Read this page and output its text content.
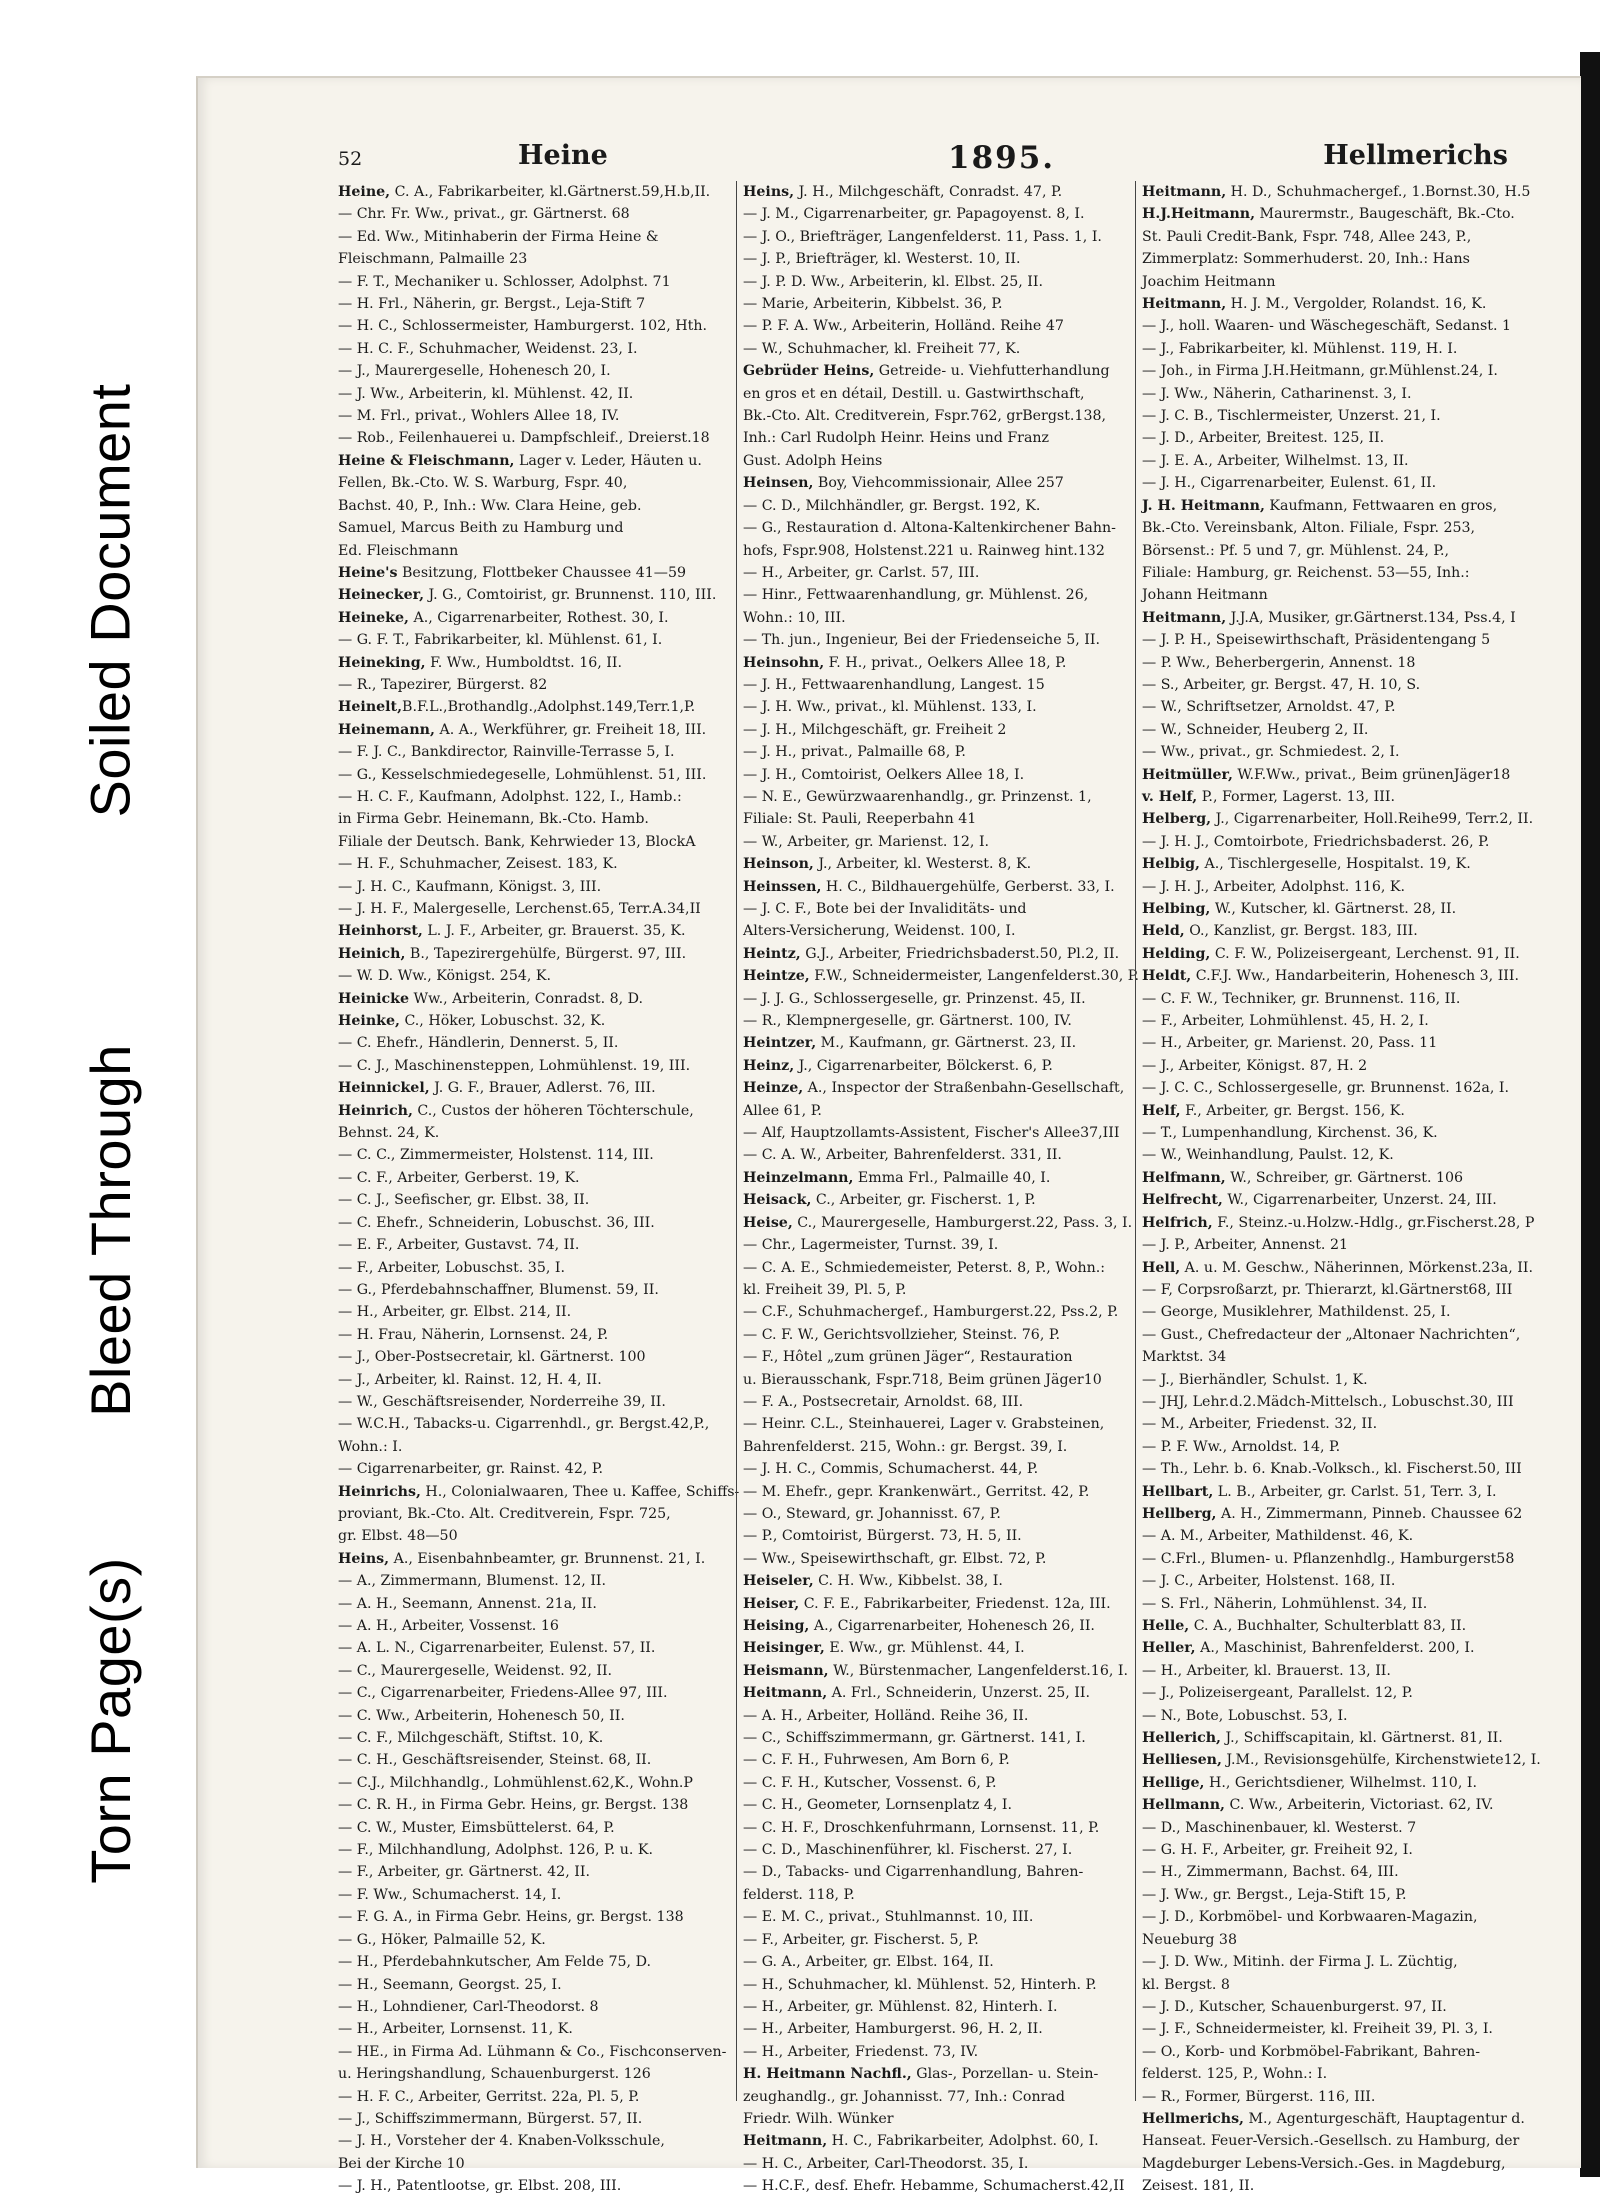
Soiled Document
Bleed Through
Torn Page(s)
52	Heine	1895.	Hellmerichs
Heine, C. A., Fabrikarbeiter, kl.Gärtnerst.59,H.b,II.
— Chr. Fr. Ww., privat., gr. Gärtnerst. 68
— Ed. Ww., Mitinhaberin der Firma Heine &
Fleischmann, Palmaille 23
— F. T., Mechaniker u. Schlosser, Adolphst. 71
— H. Frl., Näherin, gr. Bergst., Leja-Stift 7
— H. C., Schlossermeister, Hamburgerst. 102, Hth.
— H. C. F., Schuhmacher, Weidenst. 23, I.
— J., Maurergeselle, Hohenesch 20, I.
— J. Ww., Arbeiterin, kl. Mühlenst. 42, II.
— M. Frl., privat., Wohlers Allee 18, IV.
— Rob., Feilenhauerei u. Dampfschleif., Dreierst.18
Heine & Fleischmann, Lager v. Leder, Häuten u.
Fellen, Bk.-Cto. W. S. Warburg, Fspr. 40,
Bachst. 40, P., Inh.: Ww. Clara Heine, geb.
Samuel, Marcus Beith zu Hamburg und
Ed. Fleischmann
Heine's Besitzung, Flottbeker Chaussee 41—59
Heinecker, J. G., Comtoirist, gr. Brunnenst. 110, III.
Heineke, A., Cigarrenarbeiter, Rothest. 30, I.
— G. F. T., Fabrikarbeiter, kl. Mühlenst. 61, I.
Heineking, F. Ww., Humboldtst. 16, II.
— R., Tapezirer, Bürgerst. 82
Heinelt,B.F.L.,Brothandlg.,Adolphst.149,Terr.1,P.
Heinemann, A. A., Werkführer, gr. Freiheit 18, III.
— F. J. C., Bankdirector, Rainville-Terrasse 5, I.
— G., Kesselschmiedegeselle, Lohmühlenst. 51, III.
— H. C. F., Kaufmann, Adolphst. 122, I., Hamb.:
in Firma Gebr. Heinemann, Bk.-Cto. Hamb.
Filiale der Deutsch. Bank, Kehrwieder 13, BlockA
— H. F., Schuhmacher, Zeisest. 183, K.
— J. H. C., Kaufmann, Königst. 3, III.
— J. H. F., Malergeselle, Lerchenst.65, Terr.A.34,II
Heinhorst, L. J. F., Arbeiter, gr. Brauerst. 35, K.
Heinich, B., Tapezirergehülfe, Bürgerst. 97, III.
— W. D. Ww., Königst. 254, K.
Heinicke Ww., Arbeiterin, Conradst. 8, D.
Heinke, C., Höker, Lobuschst. 32, K.
— C. Ehefr., Händlerin, Dennerst. 5, II.
— C. J., Maschinensteppen, Lohmühlenst. 19, III.
Heinnickel, J. G. F., Brauer, Adlerst. 76, III.
Heinrich, C., Custos der höheren Töchterschule,
Behnst. 24, K.
— C. C., Zimmermeister, Holstenst. 114, III.
— C. F., Arbeiter, Gerberst. 19, K.
— C. J., Seefischer, gr. Elbst. 38, II.
— C. Ehefr., Schneiderin, Lobuschst. 36, III.
— E. F., Arbeiter, Gustavst. 74, II.
— F., Arbeiter, Lobuschst. 35, I.
— G., Pferdebahnschaffner, Blumenst. 59, II.
— H., Arbeiter, gr. Elbst. 214, II.
— H. Frau, Näherin, Lornsenst. 24, P.
— J., Ober-Postsecretair, kl. Gärtnerst. 100
— J., Arbeiter, kl. Rainst. 12, H. 4, II.
— W., Geschäftsreisender, Norderreihe 39, II.
— W.C.H., Tabacks-u. Cigarrenhdl., gr. Bergst.42,P.,
Wohn.: I.
— Cigarrenarbeiter, gr. Rainst. 42, P.
Heinrichs, H., Colonialwaaren, Thee u. Kaffee, Schiffs-
proviant, Bk.-Cto. Alt. Creditverein, Fspr. 725,
gr. Elbst. 48—50
Heins, A., Eisenbahnbeamter, gr. Brunnenst. 21, I.
— A., Zimmermann, Blumenst. 12, II.
— A. H., Seemann, Annenst. 21a, II.
— A. H., Arbeiter, Vossenst. 16
— A. L. N., Cigarrenarbeiter, Eulenst. 57, II.
— C., Maurergeselle, Weidenst. 92, II.
— C., Cigarrenarbeiter, Friedens-Allee 97, III.
— C. Ww., Arbeiterin, Hohenesch 50, II.
— C. F., Milchgeschäft, Stiftst. 10, K.
— C. H., Geschäftsreisender, Steinst. 68, II.
— C.J., Milchhandlg., Lohmühlenst.62,K., Wohn.P
— C. R. H., in Firma Gebr. Heins, gr. Bergst. 138
— C. W., Muster, Eimsbüttelerst. 64, P.
— F., Milchhandlung, Adolphst. 126, P. u. K.
— F., Arbeiter, gr. Gärtnerst. 42, II.
— F. Ww., Schumacherst. 14, I.
— F. G. A., in Firma Gebr. Heins, gr. Bergst. 138
— G., Höker, Palmaille 52, K.
— H., Pferdebahnkutscher, Am Felde 75, D.
— H., Seemann, Georgst. 25, I.
— H., Lohndiener, Carl-Theodorst. 8
— H., Arbeiter, Lornsenst. 11, K.
— HE., in Firma Ad. Lühmann & Co., Fischconserven-
u. Heringshandlung, Schauenburgerst. 126
— H. F. C., Arbeiter, Gerritst. 22a, Pl. 5, P.
— J., Schiffszimmermann, Bürgerst. 57, II.
— J. H., Vorsteher der 4. Knaben-Volksschule,
Bei der Kirche 10
— J. H., Patentlootse, gr. Elbst. 208, III.
Heins, J. H., Milchgeschäft, Conradst. 47, P.
— J. M., Cigarrenarbeiter, gr. Papagoyenst. 8, I.
— J. O., Briefträger, Langenfelderst. 11, Pass. 1, I.
— J. P., Briefträger, kl. Westerst. 10, II.
— J. P. D. Ww., Arbeiterin, kl. Elbst. 25, II.
— Marie, Arbeiterin, Kibbelst. 36, P.
— P. F. A. Ww., Arbeiterin, Holländ. Reihe 47
— W., Schuhmacher, kl. Freiheit 77, K.
Gebrüder Heins, Getreide- u. Viehfutterhandlung
en gros et en détail, Destill. u. Gastwirthschaft,
Bk.-Cto. Alt. Creditverein, Fspr.762, grBergst.138,
Inh.: Carl Rudolph Heinr. Heins und Franz
Gust. Adolph Heins
Heinsen, Boy, Viehcommissionair, Allee 257
— C. D., Milchhändler, gr. Bergst. 192, K.
— G., Restauration d. Altona-Kaltenkirchener Bahn-
hofs, Fspr.908, Holstenst.221 u. Rainweg hint.132
— H., Arbeiter, gr. Carlst. 57, III.
— Hinr., Fettwaarenhandlung, gr. Mühlenst. 26,
Wohn.: 10, III.
— Th. jun., Ingenieur, Bei der Friedenseiche 5, II.
Heinsohn, F. H., privat., Oelkers Allee 18, P.
— J. H., Fettwaarenhandlung, Langest. 15
— J. H. Ww., privat., kl. Mühlenst. 133, I.
— J. H., Milchgeschäft, gr. Freiheit 2
— J. H., privat., Palmaille 68, P.
— J. H., Comtoirist, Oelkers Allee 18, I.
— N. E., Gewürzwaarenhandlg., gr. Prinzenst. 1,
Filiale: St. Pauli, Reeperbahn 41
— W., Arbeiter, gr. Marienst. 12, I.
Heinson, J., Arbeiter, kl. Westerst. 8, K.
Heinssen, H. C., Bildhauergehülfe, Gerberst. 33, I.
— J. C. F., Bote bei der Invaliditäts- und
Alters-Versicherung, Weidenst. 100, I.
Heintz, G.J., Arbeiter, Friedrichsbaderst.50, Pl.2, II.
Heintze, F.W., Schneidermeister, Langenfelderst.30, P.
— J. J. G., Schlossergeselle, gr. Prinzenst. 45, II.
— R., Klempnergeselle, gr. Gärtnerst. 100, IV.
Heintzer, M., Kaufmann, gr. Gärtnerst. 23, II.
Heinz, J., Cigarrenarbeiter, Bölckerst. 6, P.
Heinze, A., Inspector der Straßenbahn-Gesellschaft,
Allee 61, P.
— Alf, Hauptzollamts-Assistent, Fischer's Allee37,III
— C. A. W., Arbeiter, Bahrenfelderst. 331, II.
Heinzelmann, Emma Frl., Palmaille 40, I.
Heisack, C., Arbeiter, gr. Fischerst. 1, P.
Heise, C., Maurergeselle, Hamburgerst.22, Pass. 3, I.
— Chr., Lagermeister, Turnst. 39, I.
— C. A. E., Schmiedemeister, Peterst. 8, P., Wohn.:
kl. Freiheit 39, Pl. 5, P.
— C.F., Schuhmachergef., Hamburgerst.22, Pss.2, P.
— C. F. W., Gerichtsvollzieher, Steinst. 76, P.
— F., Hôtel „zum grünen Jäger“, Restauration
u. Bierausschank, Fspr.718, Beim grünen Jäger10
— F. A., Postsecretair, Arnoldst. 68, III.
— Heinr. C.L., Steinhauerei, Lager v. Grabsteinen,
Bahrenfelderst. 215, Wohn.: gr. Bergst. 39, I.
— J. H. C., Commis, Schumacherst. 44, P.
— M. Ehefr., gepr. Krankenwärt., Gerritst. 42, P.
— O., Steward, gr. Johannisst. 67, P.
— P., Comtoirist, Bürgerst. 73, H. 5, II.
— Ww., Speisewirthschaft, gr. Elbst. 72, P.
Heiseler, C. H. Ww., Kibbelst. 38, I.
Heiser, C. F. E., Fabrikarbeiter, Friedenst. 12a, III.
Heising, A., Cigarrenarbeiter, Hohenesch 26, II.
Heisinger, E. Ww., gr. Mühlenst. 44, I.
Heismann, W., Bürstenmacher, Langenfelderst.16, I.
Heitmann, A. Frl., Schneiderin, Unzerst. 25, II.
— A. H., Arbeiter, Holländ. Reihe 36, II.
— C., Schiffszimmermann, gr. Gärtnerst. 141, I.
— C. F. H., Fuhrwesen, Am Born 6, P.
— C. F. H., Kutscher, Vossenst. 6, P.
— C. H., Geometer, Lornsenplatz 4, I.
— C. H. F., Droschkenfuhrmann, Lornsenst. 11, P.
— C. D., Maschinenführer, kl. Fischerst. 27, I.
— D., Tabacks- und Cigarrenhandlung, Bahren-
felderst. 118, P.
— E. M. C., privat., Stuhlmannst. 10, III.
— F., Arbeiter, gr. Fischerst. 5, P.
— G. A., Arbeiter, gr. Elbst. 164, II.
— H., Schuhmacher, kl. Mühlenst. 52, Hinterh. P.
— H., Arbeiter, gr. Mühlenst. 82, Hinterh. I.
— H., Arbeiter, Hamburgerst. 96, H. 2, II.
— H., Arbeiter, Friedenst. 73, IV.
H. Heitmann Nachfl., Glas-, Porzellan- u. Stein-
zeughandlg., gr. Johannisst. 77, Inh.: Conrad
Friedr. Wilh. Wünker
Heitmann, H. C., Fabrikarbeiter, Adolphst. 60, I.
— H. C., Arbeiter, Carl-Theodorst. 35, I.
— H.C.F., desf. Ehefr. Hebamme, Schumacherst.42,II
Heitmann, H. D., Schuhmachergef., 1.Bornst.30, H.5
H.J.Heitmann, Maurermstr., Baugeschäft, Bk.-Cto.
St. Pauli Credit-Bank, Fspr. 748, Allee 243, P.,
Zimmerplatz: Sommerhuderst. 20, Inh.: Hans
Joachim Heitmann
Heitmann, H. J. M., Vergolder, Rolandst. 16, K.
— J., holl. Waaren- und Wäschegeschäft, Sedanst. 1
— J., Fabrikarbeiter, kl. Mühlenst. 119, H. I.
— Joh., in Firma J.H.Heitmann, gr.Mühlenst.24, I.
— J. Ww., Näherin, Catharinenst. 3, I.
— J. C. B., Tischlermeister, Unzerst. 21, I.
— J. D., Arbeiter, Breitest. 125, II.
— J. E. A., Arbeiter, Wilhelmst. 13, II.
— J. H., Cigarrenarbeiter, Eulenst. 61, II.
J. H. Heitmann, Kaufmann, Fettwaaren en gros,
Bk.-Cto. Vereinsbank, Alton. Filiale, Fspr. 253,
Börsenst.: Pf. 5 und 7, gr. Mühlenst. 24, P.,
Filiale: Hamburg, gr. Reichenst. 53—55, Inh.:
Johann Heitmann
Heitmann, J.J.A, Musiker, gr.Gärtnerst.134, Pss.4, I
— J. P. H., Speisewirthschaft, Präsidentengang 5
— P. Ww., Beherbergerin, Annenst. 18
— S., Arbeiter, gr. Bergst. 47, H. 10, S.
— W., Schriftsetzer, Arnoldst. 47, P.
— W., Schneider, Heuberg 2, II.
— Ww., privat., gr. Schmiedest. 2, I.
Heitmüller, W.F.Ww., privat., Beim grünenJäger18
v. Helf, P., Former, Lagerst. 13, III.
Helberg, J., Cigarrenarbeiter, Holl.Reihe99, Terr.2, II.
— J. H. J., Comtoirbote, Friedrichsbaderst. 26, P.
Helbig, A., Tischlergeselle, Hospitalst. 19, K.
— J. H. J., Arbeiter, Adolphst. 116, K.
Helbing, W., Kutscher, kl. Gärtnerst. 28, II.
Held, O., Kanzlist, gr. Bergst. 183, III.
Helding, C. F. W., Polizeisergeant, Lerchenst. 91, II.
Heldt, C.F.J. Ww., Handarbeiterin, Hohenesch 3, III.
— C. F. W., Techniker, gr. Brunnenst. 116, II.
— F., Arbeiter, Lohmühlenst. 45, H. 2, I.
— H., Arbeiter, gr. Marienst. 20, Pass. 11
— J., Arbeiter, Königst. 87, H. 2
— J. C. C., Schlossergeselle, gr. Brunnenst. 162a, I.
Helf, F., Arbeiter, gr. Bergst. 156, K.
— T., Lumpenhandlung, Kirchenst. 36, K.
— W., Weinhandlung, Paulst. 12, K.
Helfmann, W., Schreiber, gr. Gärtnerst. 106
Helfrecht, W., Cigarrenarbeiter, Unzerst. 24, III.
Helfrich, F., Steinz.-u.Holzw.-Hdlg., gr.Fischerst.28, P
— J. P., Arbeiter, Annenst. 21
Hell, A. u. M. Geschw., Näherinnen, Mörkenst.23a, II.
— F, Corpsroßarzt, pr. Thierarzt, kl.Gärtnerst68, III
— George, Musiklehrer, Mathildenst. 25, I.
— Gust., Chefredacteur der „Altonaer Nachrichten“,
Marktst. 34
— J., Bierhändler, Schulst. 1, K.
— JHJ, Lehr.d.2.Mädch-Mittelsch., Lobuschst.30, III
— M., Arbeiter, Friedenst. 32, II.
— P. F. Ww., Arnoldst. 14, P.
— Th., Lehr. b. 6. Knab.-Volksch., kl. Fischerst.50, III
Hellbart, L. B., Arbeiter, gr. Carlst. 51, Terr. 3, I.
Hellberg, A. H., Zimmermann, Pinneb. Chaussee 62
— A. M., Arbeiter, Mathildenst. 46, K.
— C.Frl., Blumen- u. Pflanzenhdlg., Hamburgerst58
— J. C., Arbeiter, Holstenst. 168, II.
— S. Frl., Näherin, Lohmühlenst. 34, II.
Helle, C. A., Buchhalter, Schulterblatt 83, II.
Heller, A., Maschinist, Bahrenfelderst. 200, I.
— H., Arbeiter, kl. Brauerst. 13, II.
— J., Polizeisergeant, Parallelst. 12, P.
— N., Bote, Lobuschst. 53, I.
Hellerich, J., Schiffscapitain, kl. Gärtnerst. 81, II.
Helliesen, J.M., Revisionsgehülfe, Kirchenstwiete12, I.
Hellige, H., Gerichtsdiener, Wilhelmst. 110, I.
Hellmann, C. Ww., Arbeiterin, Victoriast. 62, IV.
— D., Maschinenbauer, kl. Westerst. 7
— G. H. F., Arbeiter, gr. Freiheit 92, I.
— H., Zimmermann, Bachst. 64, III.
— J. Ww., gr. Bergst., Leja-Stift 15, P.
— J. D., Korbmöbel- und Korbwaaren-Magazin,
Neueburg 38
— J. D. Ww., Mitinh. der Firma J. L. Züchtig,
kl. Bergst. 8
— J. D., Kutscher, Schauenburgerst. 97, II.
— J. F., Schneidermeister, kl. Freiheit 39, Pl. 3, I.
— O., Korb- und Korbmöbel-Fabrikant, Bahren-
felderst. 125, P., Wohn.: I.
— R., Former, Bürgerst. 116, III.
Hellmerichs, M., Agenturgeschäft, Hauptagentur d.
Hanseat. Feuer-Versich.-Gesellsch. zu Hamburg, der
Magdeburger Lebens-Versich.-Ges. in Magdeburg,
Zeisest. 181, II.
